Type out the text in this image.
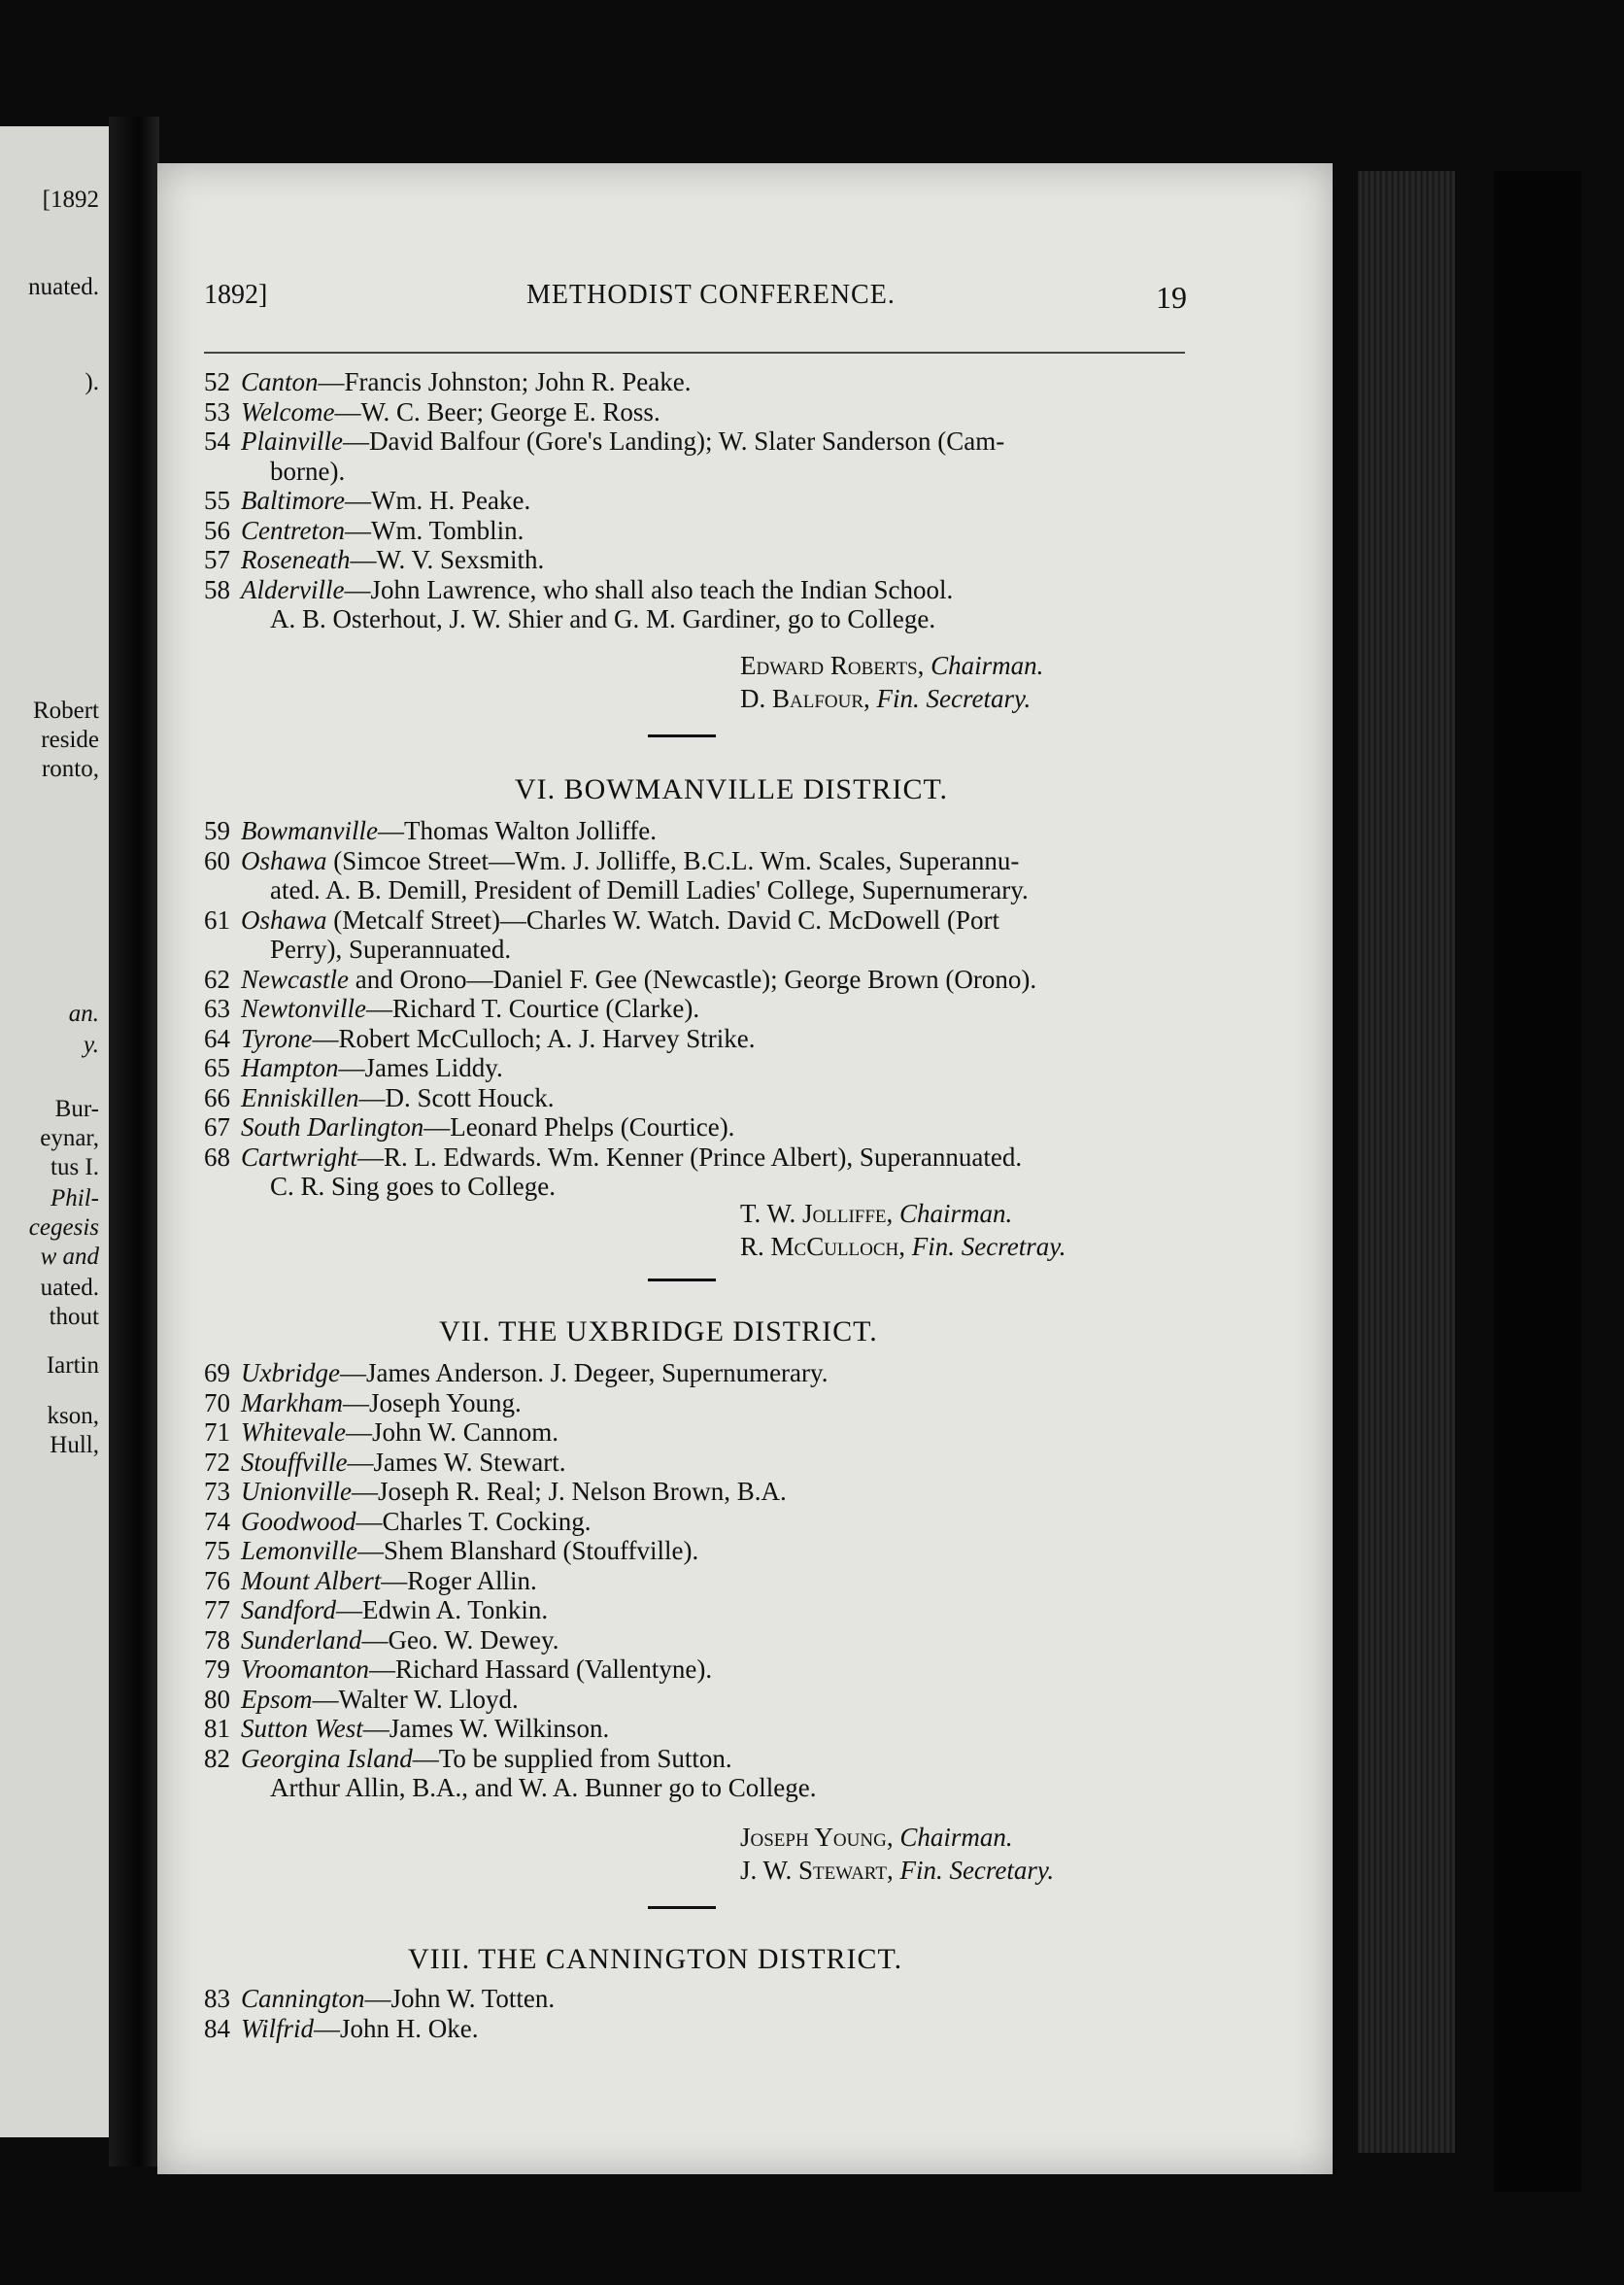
[1892
nuated.
).
Robert
reside
ronto,
an.
y.
Bur-
eynar,
tus I.
Phil-
cegesis
w and
uated.
thout
Iartin
kson,
Hull,
1892]	METHODIST CONFERENCE.	19
52 Canton—Francis Johnston; John R. Peake.
53 Welcome—W. C. Beer; George E. Ross.
54 Plainville—David Balfour (Gore's Landing); W. Slater Sanderson (Cam-
borne).
55 Baltimore—Wm. H. Peake.
56 Centreton—Wm. Tomblin.
57 Roseneath—W. V. Sexsmith.
58 Alderville—John Lawrence, who shall also teach the Indian School.
A. B. Osterhout, J. W. Shier and G. M. Gardiner, go to College.
Edward Roberts, Chairman.
D. Balfour, Fin. Secretary.
VI. BOWMANVILLE DISTRICT.
59 Bowmanville—Thomas Walton Jolliffe.
60 Oshawa (Simcoe Street—Wm. J. Jolliffe, B.C.L. Wm. Scales, Superannu-
ated. A. B. Demill, President of Demill Ladies' College, Supernumerary.
61 Oshawa (Metcalf Street)—Charles W. Watch. David C. McDowell (Port
Perry), Superannuated.
62 Newcastle and Orono—Daniel F. Gee (Newcastle); George Brown (Orono).
63 Newtonville—Richard T. Courtice (Clarke).
64 Tyrone—Robert McCulloch; A. J. Harvey Strike.
65 Hampton—James Liddy.
66 Enniskillen—D. Scott Houck.
67 South Darlington—Leonard Phelps (Courtice).
68 Cartwright—R. L. Edwards. Wm. Kenner (Prince Albert), Superannuated.
C. R. Sing goes to College.
T. W. Jolliffe, Chairman.
R. McCulloch, Fin. Secretray.
VII. THE UXBRIDGE DISTRICT.
69 Uxbridge—James Anderson. J. Degeer, Supernumerary.
70 Markham—Joseph Young.
71 Whitevale—John W. Cannom.
72 Stouffville—James W. Stewart.
73 Unionville—Joseph R. Real; J. Nelson Brown, B.A.
74 Goodwood—Charles T. Cocking.
75 Lemonville—Shem Blanshard (Stouffville).
76 Mount Albert—Roger Allin.
77 Sandford—Edwin A. Tonkin.
78 Sunderland—Geo. W. Dewey.
79 Vroomanton—Richard Hassard (Vallentyne).
80 Epsom—Walter W. Lloyd.
81 Sutton West—James W. Wilkinson.
82 Georgina Island—To be supplied from Sutton.
Arthur Allin, B.A., and W. A. Bunner go to College.
Joseph Young, Chairman.
J. W. Stewart, Fin. Secretary.
VIII. THE CANNINGTON DISTRICT.
83 Cannington—John W. Totten.
84 Wilfrid—John H. Oke.
